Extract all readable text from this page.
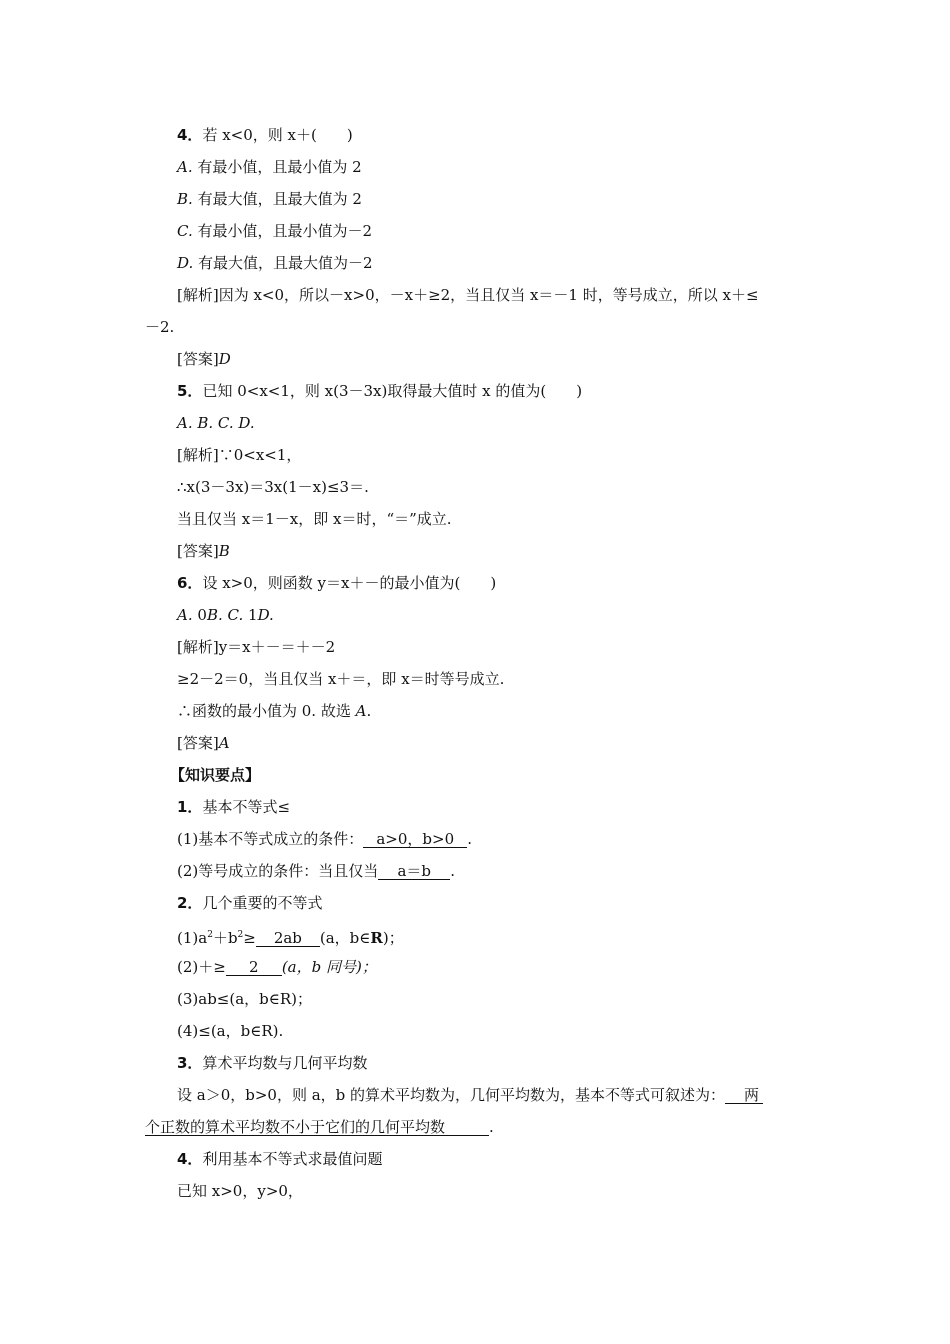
4．若 x<0，则 x＋(　　)
A. 有最小值，且最小值为 2
B. 有最大值，且最大值为 2
C. 有最小值，且最小值为－2
D. 有最大值，且最大值为－2
[解析]因为 x<0，所以－x>0，－x＋≥2，当且仅当 x＝－1 时，等号成立，所以 x＋≤
－2.
[答案]D
5．已知 0<x<1，则 x(3－3x)取得最大值时 x 的值为(　　)
A. B. C. D.
[解析]∵0<x<1，
∴x(3－3x)＝3x(1－x)≤3＝.
当且仅当 x＝1－x，即 x＝时，“＝”成立.
[答案]B
6．设 x>0，则函数 y＝x＋－的最小值为(　　)
A. 0B. C. 1D.
[解析]y＝x＋－＝＋－2
≥2－2＝0，当且仅当 x＋＝，即 x＝时等号成立.
∴函数的最小值为 0. 故选 A.
[答案]A
【知识要点】
1．基本不等式≤
(1)基本不等式成立的条件： a>0，b>0 .
(2)等号成立的条件：当且仅当 a＝b .
2．几个重要的不等式
$(1)a^2+b^2\ge 2ab$ (a，b∈R)；
(2)＋≥ 2 (a，b 同号)；
(3)ab≤(a，b∈R)；
(4)≤(a，b∈R).
3．算术平均数与几何平均数
设 a＞0，b>0，则 a，b 的算术平均数为，几何平均数为，基本不等式可叙述为： 两
个正数的算术平均数不小于它们的几何平均数	.
4．利用基本不等式求最值问题
已知 x>0，y>0，
